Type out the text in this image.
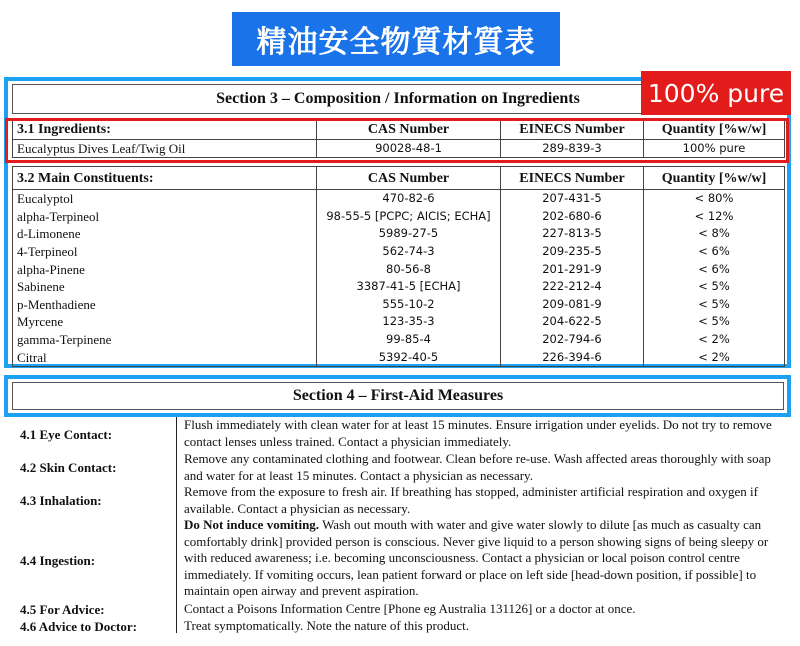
精油安全物質材質表
Section 3 – Composition / Information on Ingredients	100% pure
3.1 Ingredients:	CAS Number	EINECS Number	Quantity [%w/w]
Eucalyptus Dives Leaf/Twig Oil	90028-48-1	289-839-3	100% pure
3.2 Main Constituents:	CAS Number	EINECS Number	Quantity [%w/w]
Eucalyptol	470-82-6	207-431-5	< 80%
alpha-Terpineol	98-55-5 [PCPC; AICIS; ECHA]	202-680-6	< 12%
d-Limonene	5989-27-5	227-813-5	< 8%
4-Terpineol	562-74-3	209-235-5	< 6%
alpha-Pinene	80-56-8	201-291-9	< 6%
Sabinene	3387-41-5 [ECHA]	222-212-4	< 5%
p-Menthadiene	555-10-2	209-081-9	< 5%
Myrcene	123-35-3	204-622-5	< 5%
gamma-Terpinene	99-85-4	202-794-6	< 2%
Citral	5392-40-5	226-394-6	< 2%
Section 4 – First-Aid Measures
4.1 Eye Contact:
Flush immediately with clean water for at least 15 minutes. Ensure irrigation under eyelids. Do not try to remove contact lenses unless trained. Contact a physician immediately.
4.2 Skin Contact:
Remove any contaminated clothing and footwear. Clean before re-use. Wash affected areas thoroughly with soap and water for at least 15 minutes. Contact a physician as necessary.
4.3 Inhalation:
Remove from the exposure to fresh air. If breathing has stopped, administer artificial respiration and oxygen if available. Contact a physician as necessary.
4.4 Ingestion:
Do Not induce vomiting. Wash out mouth with water and give water slowly to dilute [as much as casualty can comfortably drink] provided person is conscious. Never give liquid to a person showing signs of being sleepy or with reduced awareness; i.e. becoming unconsciousness. Contact a physician or local poison control centre immediately. If vomiting occurs, lean patient forward or place on left side [head-down position, if possible] to maintain open airway and prevent aspiration.
4.5 For Advice:	Contact a Poisons Information Centre [Phone eg Australia 131126] or a doctor at once.
4.6 Advice to Doctor:	Treat symptomatically. Note the nature of this product.
